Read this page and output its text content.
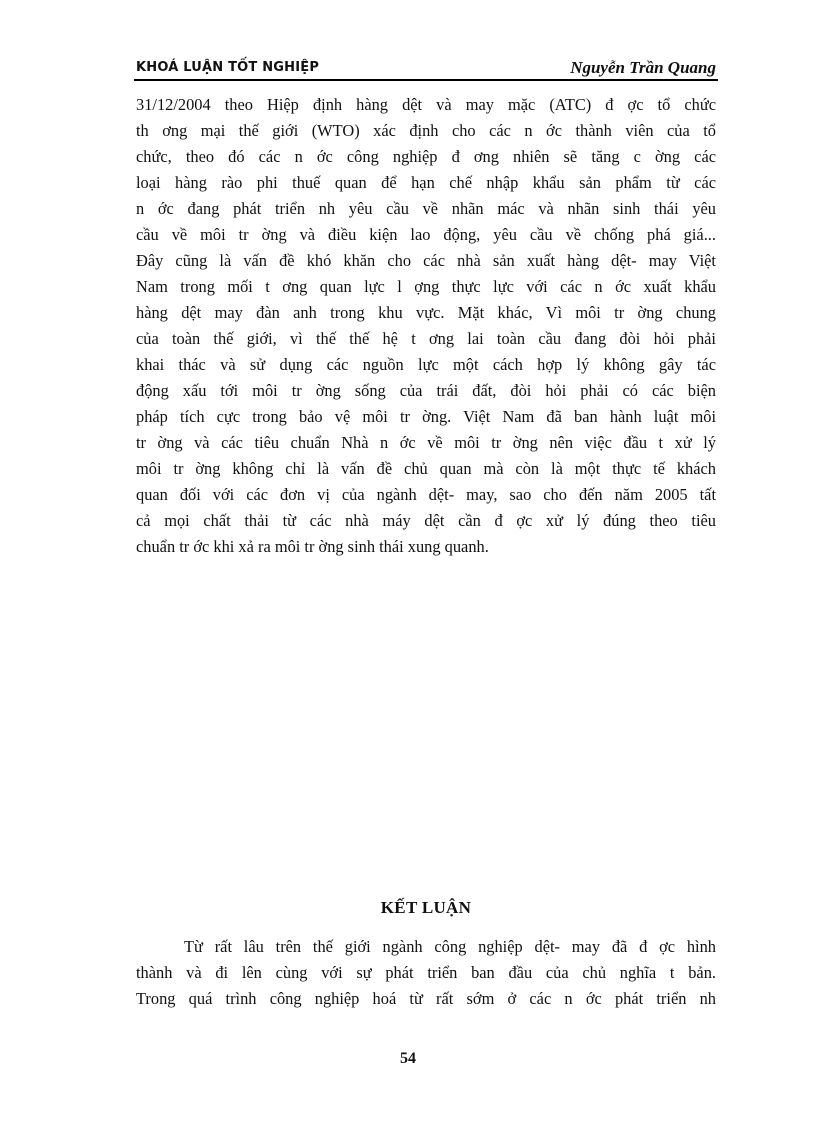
KHOÁ LUẬN TỐT NGHIỆP	Nguyễn Trần Quang
31/12/2004 theo Hiệp định hàng dệt và may mặc (ATC) đ ợc tổ chức
th ơng mại thế giới (WTO) xác định cho các n ớc thành viên của tổ
chức, theo đó các n ớc công nghiệp đ ơng nhiên sẽ tăng c ờng các
loại hàng rào phi thuế quan để hạn chế nhập khẩu sản phẩm từ các
n ớc đang phát triển nh yêu cầu về nhãn mác và nhãn sinh thái yêu
cầu về môi tr ờng và điều kiện lao động, yêu cầu về chống phá giá...
Đây cũng là vấn đề khó khăn cho các nhà sản xuất hàng dệt- may Việt
Nam trong mối t ơng quan lực l ợng thực lực với các n ớc xuất khẩu
hàng dệt may đàn anh trong khu vực. Mặt khác, Vì môi tr ờng chung
của toàn thế giới, vì thế thế hệ t ơng lai toàn cầu đang đòi hỏi phải
khai thác và sử dụng các nguồn lực một cách hợp lý không gây tác
động xấu tới môi tr ờng sống của trái đất, đòi hỏi phải có các biện
pháp tích cực trong bảo vệ môi tr ờng. Việt Nam đã ban hành luật môi
tr ờng và các tiêu chuẩn Nhà n ớc về môi tr ờng nên việc đầu t xử lý
môi tr ờng không chỉ là vấn đề chủ quan mà còn là một thực tế khách
quan đối với các đơn vị của ngành dệt- may, sao cho đến năm 2005 tất
cả mọi chất thải từ các nhà máy dệt cần đ ợc xử lý đúng theo tiêu
chuẩn tr ớc khi xả ra môi tr ờng sinh thái xung quanh.
KẾT LUẬN
Từ rất lâu trên thế giới ngành công nghiệp dệt- may đã đ ợc hình
thành và đi lên cùng với sự phát triển ban đầu của chủ nghĩa t bản.
Trong quá trình công nghiệp hoá từ rất sớm ở các n ớc phát triển nh
54
